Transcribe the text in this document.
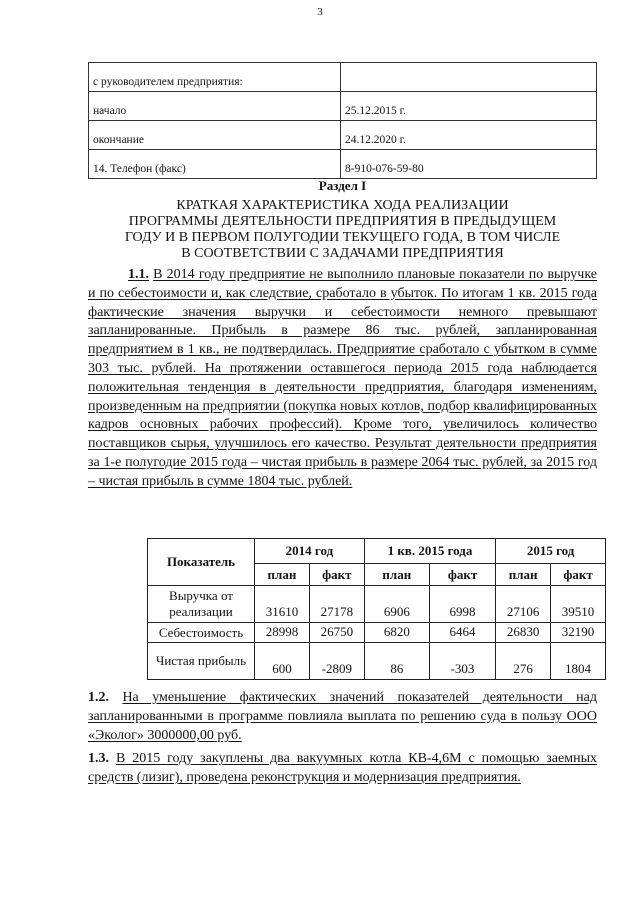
3
с руководителем предприятия:	
начало	25.12.2015 г.
окончание	24.12.2020 г.
14. Телефон (факс)	8-910-076-59-80
Раздел I
КРАТКАЯ ХАРАКТЕРИСТИКА ХОДА РЕАЛИЗАЦИИ
ПРОГРАММЫ ДЕЯТЕЛЬНОСТИ ПРЕДПРИЯТИЯ В ПРЕДЫДУЩЕМ
ГОДУ И В ПЕРВОМ ПОЛУГОДИИ ТЕКУЩЕГО ГОДА, В ТОМ ЧИСЛЕ
В СООТВЕТСТВИИ С ЗАДАЧАМИ ПРЕДПРИЯТИЯ
1.1. В 2014 году предприятие не выполнило плановые показатели по выручке и по себестоимости и, как следствие, сработало в убыток. По итогам 1 кв. 2015 года фактические значения выручки и себестоимости немного превышают запланированные. Прибыль в размере 86 тыс. рублей, запланированная предприятием в 1 кв., не подтвердилась. Предприятие сработало с убытком в сумме 303 тыс. рублей. На протяжении оставшегося периода 2015 года наблюдается положительная тенденция в деятельности предприятия, благодаря изменениям, произведенным на предприятии (покупка новых котлов, подбор квалифицированных кадров основных рабочих профессий). Кроме того, увеличилось количество поставщиков сырья, улучшилось его качество. Результат деятельности предприятия за 1-е полугодие 2015 года – чистая прибыль в размере 2064 тыс. рублей, за 2015 год – чистая прибыль в сумме 1804 тыс. рублей.
Показатель	2014 год		1 кв. 2015 года		2015 год	
	план	факт	план	факт	план	факт
Выручка от реализации	31610	27178	6906	6998	27106	39510
Себестоимость	28998	26750	6820	6464	26830	32190
Чистая прибыль	600	-2809	86	-303	276	1804
1.2. На уменьшение фактических значений показателей деятельности над запланированными в программе повлияла выплата по решению суда в пользу ООО «Эколог» 3000000,00 руб.
1.3. В 2015 году закуплены два вакуумных котла КВ-4,6М с помощью заемных средств (лизиг), проведена реконструкция и модернизация предприятия.
